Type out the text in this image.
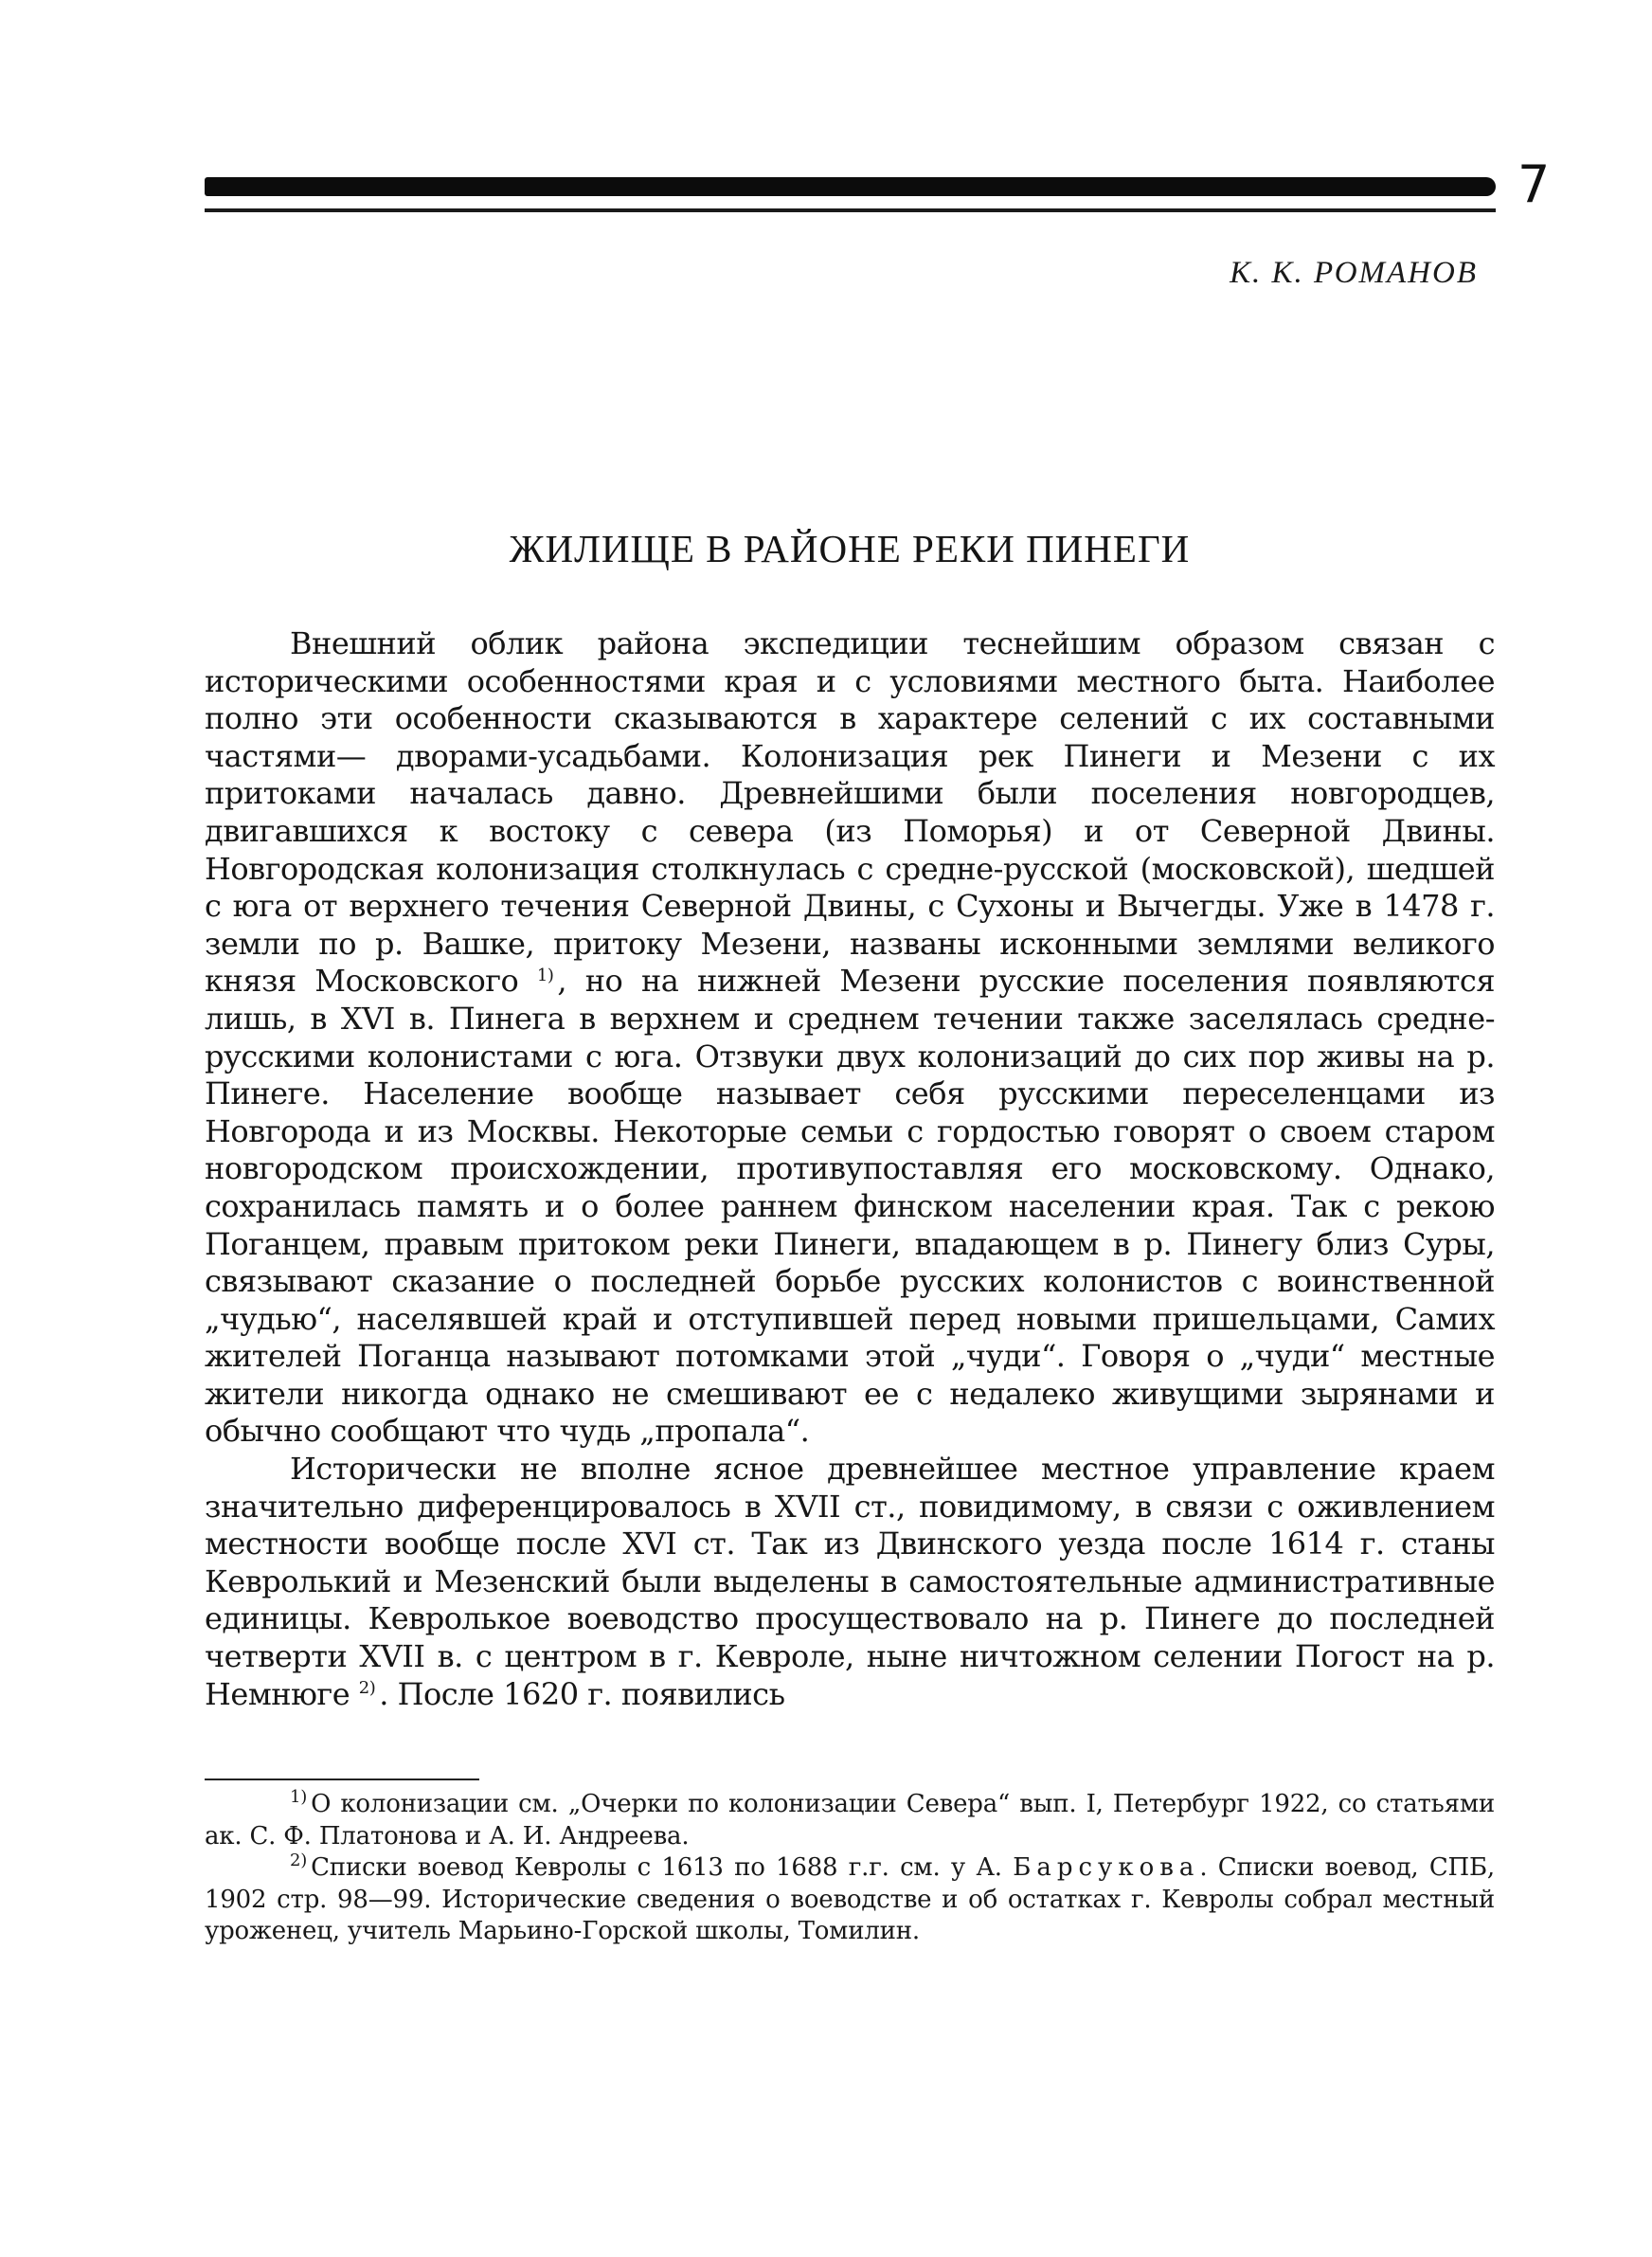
7
К. К. РОМАНОВ
ЖИЛИЩЕ В РАЙОНЕ РЕКИ ПИНЕГИ

Внешний облик района экспедиции теснейшим образом связан с историческими особенностями края и с условиями местного быта. Наиболее полно эти особенности сказываются в характере селений с их составными частями— дворами-усадьбами. Колонизация рек Пинеги и Мезени с их притоками началась давно. Древнейшими были поселения новгородцев, двигавшихся к востоку с севера (из Поморья) и от Северной Двины. Новгородская колонизация столкнулась с средне-русской (московской), шедшей с юга от верхнего течения Северной Двины, с Сухоны и Вычегды. Уже в 1478 г. земли по р. Вашке, притоку Мезени, названы исконными землями великого князя Московского $^{1)}$ , но на нижней Мезени русские поселения появляются лишь, в XVI в. Пинега в верхнем и среднем течении также заселялась средне-русскими колонистами с юга. Отзвуки двух колонизаций до сих пор живы на р. Пинеге. Население вообще называет себя русскими переселенцами из Новгорода и из Москвы. Некоторые семьи с гордостью говорят о своем старом новгородском происхождении, противупоставляя его московскому. Однако, сохранилась память и о более раннем финском населении края. Так с рекою Поганцем, правым притоком реки Пинеги, впадающем в р. Пинегу близ Суры, связывают сказание о последней борьбе русских колонистов с воинственной „чудью“, населявшей край и отступившей перед новыми пришельцами, Самих жителей Поганца называют потомками этой „чуди“. Говоря о „чуди“ местные жители никогда однако не смешивают ее с недалеко живущими зырянами и обычно сообщают что чудь „пропала“.

Исторически не вполне ясное древнейшее местное управление краем значительно диференцировалось в XVII ст., повидимому, в связи с оживлением местности вообще после XVI ст. Так из Двинского уезда после 1614 г. станы Кевролький и Мезенский были выделены в самостоятельные административные единицы. Кевролькое воеводство просуществовало на р. Пинеге до последней четверти XVII в. с центром в г. Кевроле, ныне ничтожном селении Погост на р. Немнюге $^{2)}$ . После 1620 г. появились

$^{1)}$ О колонизации см. „Очерки по колонизации Севера“ вып. I, Петербург 1922, со статьями ак. С. Ф. Платонова и А. И. Андреева.

$^{2)}$ Списки воевод Кевролы с 1613 по 1688 г.г. см. у А. Барсукова. Списки воевод, СПБ, 1902 стр. 98—99. Исторические сведения о воеводстве и об остатках г. Кевролы собрал местный уроженец, учитель Марьино-Горской школы, Томилин.
